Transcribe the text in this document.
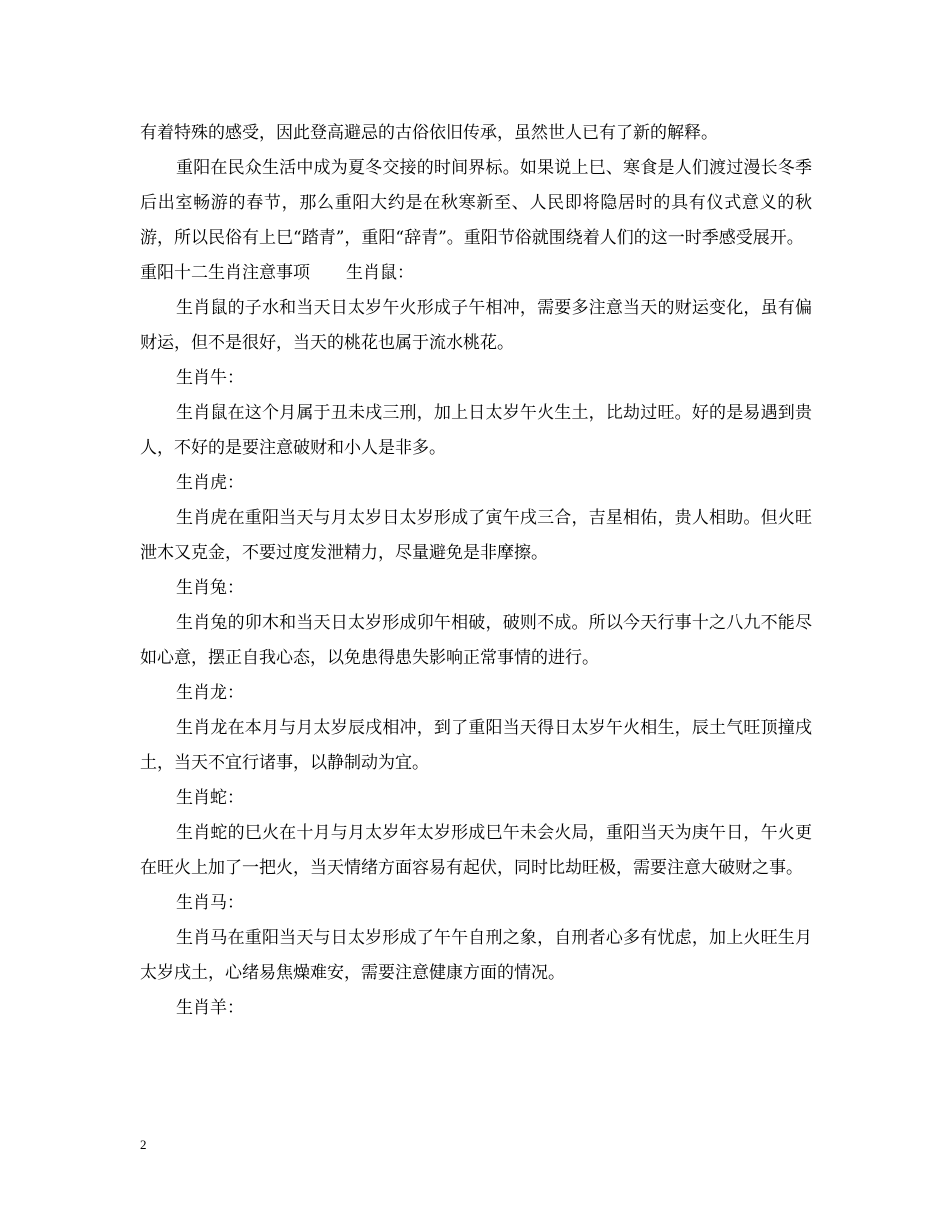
有着特殊的感受，因此登高避忌的古俗依旧传承，虽然世人已有了新的解释。

重阳在民众生活中成为夏冬交接的时间界标。如果说上巳、寒食是人们渡过漫长冬季后出室畅游的春节，那么重阳大约是在秋寒新至、人民即将隐居时的具有仪式意义的秋游，所以民俗有上巳“踏青”，重阳“辞青”。重阳节俗就围绕着人们的这一时季感受展开。

重阳十二生肖注意事项 生肖鼠：

生肖鼠的子水和当天日太岁午火形成子午相冲，需要多注意当天的财运变化，虽有偏财运，但不是很好，当天的桃花也属于流水桃花。

生肖牛：

生肖鼠在这个月属于丑未戌三刑，加上日太岁午火生土，比劫过旺。好的是易遇到贵人，不好的是要注意破财和小人是非多。

生肖虎：

生肖虎在重阳当天与月太岁日太岁形成了寅午戌三合，吉星相佑，贵人相助。但火旺泄木又克金，不要过度发泄精力，尽量避免是非摩擦。

生肖兔：

生肖兔的卯木和当天日太岁形成卯午相破，破则不成。所以今天行事十之八九不能尽如心意，摆正自我心态，以免患得患失影响正常事情的进行。

生肖龙：

生肖龙在本月与月太岁辰戌相冲，到了重阳当天得日太岁午火相生，辰土气旺顶撞戌土，当天不宜行诸事，以静制动为宜。

生肖蛇：

生肖蛇的巳火在十月与月太岁年太岁形成巳午未会火局，重阳当天为庚午日，午火更在旺火上加了一把火，当天情绪方面容易有起伏，同时比劫旺极，需要注意大破财之事。

生肖马：

生肖马在重阳当天与日太岁形成了午午自刑之象，自刑者心多有忧虑，加上火旺生月太岁戌土，心绪易焦燥难安，需要注意健康方面的情况。

生肖羊：

2
